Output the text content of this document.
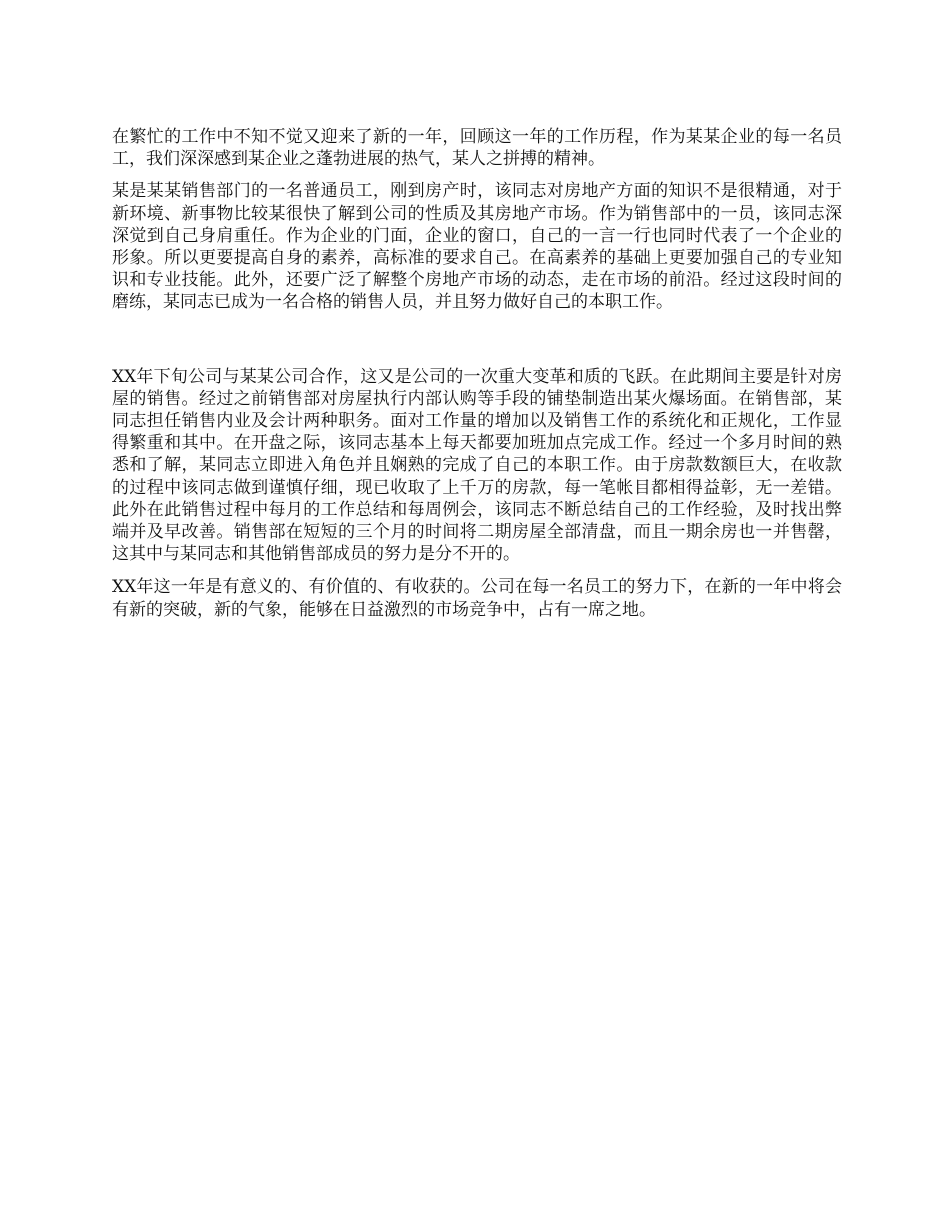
在繁忙的工作中不知不觉又迎来了新的一年，回顾这一年的工作历程，作为某某企业的每一名员工，我们深深感到某企业之蓬勃进展的热气，某人之拼搏的精神。

某是某某销售部门的一名普通员工，刚到房产时，该同志对房地产方面的知识不是很精通，对于新环境、新事物比较某很快了解到公司的性质及其房地产市场。作为销售部中的一员，该同志深深觉到自己身肩重任。作为企业的门面，企业的窗口，自己的一言一行也同时代表了一个企业的形象。所以更要提高自身的素养，高标准的要求自己。在高素养的基础上更要加强自己的专业知识和专业技能。此外，还要广泛了解整个房地产市场的动态，走在市场的前沿。经过这段时间的磨练，某同志已成为一名合格的销售人员，并且努力做好自己的本职工作。

XX年下旬公司与某某公司合作，这又是公司的一次重大变革和质的飞跃。在此期间主要是针对房屋的销售。经过之前销售部对房屋执行内部认购等手段的铺垫制造出某火爆场面。在销售部，某同志担任销售内业及会计两种职务。面对工作量的增加以及销售工作的系统化和正规化，工作显得繁重和其中。在开盘之际，该同志基本上每天都要加班加点完成工作。经过一个多月时间的熟悉和了解，某同志立即进入角色并且娴熟的完成了自己的本职工作。由于房款数额巨大，在收款的过程中该同志做到谨慎仔细，现已收取了上千万的房款，每一笔帐目都相得益彰，无一差错。此外在此销售过程中每月的工作总结和每周例会，该同志不断总结自己的工作经验，及时找出弊端并及早改善。销售部在短短的三个月的时间将二期房屋全部清盘，而且一期余房也一并售罄，这其中与某同志和其他销售部成员的努力是分不开的。

XX年这一年是有意义的、有价值的、有收获的。公司在每一名员工的努力下，在新的一年中将会有新的突破，新的气象，能够在日益激烈的市场竞争中，占有一席之地。
